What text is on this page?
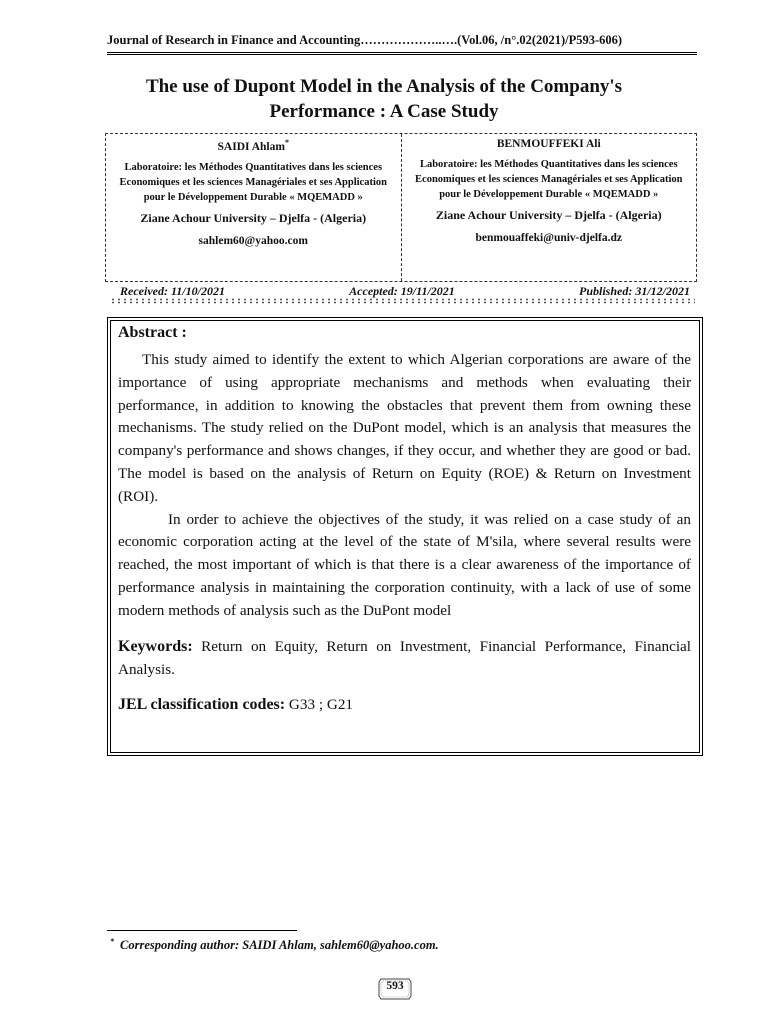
Journal of Research in Finance and Accounting………………..….(Vol.06, /n°.02(2021)/P593-606)
The use of Dupont Model in the Analysis of the Company's
Performance : A Case Study
SAIDI Ahlam*
Laboratoire: les Méthodes Quantitatives dans les sciences Economiques et les sciences Managériales et ses Application pour le Développement Durable « MQEMADD »
Ziane Achour University – Djelfa - (Algeria)
sahlem60@yahoo.com
BENMOUFFEKI Ali
Laboratoire: les Méthodes Quantitatives dans les sciences Economiques et les sciences Managériales et ses Application pour le Développement Durable « MQEMADD »
Ziane Achour University – Djelfa - (Algeria)
benmouaffeki@univ-djelfa.dz
Received: 11/10/2021	Accepted: 19/11/2021	Published: 31/12/2021
Abstract :

This study aimed to identify the extent to which Algerian corporations are aware of the importance of using appropriate mechanisms and methods when evaluating their performance, in addition to knowing the obstacles that prevent them from owning these mechanisms. The study relied on the DuPont model, which is an analysis that measures the company's performance and shows changes, if they occur, and whether they are good or bad. The model is based on the analysis of Return on Equity (ROE) & Return on Investment (ROI).

In order to achieve the objectives of the study, it was relied on a case study of an economic corporation acting at the level of the state of M'sila, where several results were reached, the most important of which is that there is a clear awareness of the importance of performance analysis in maintaining the corporation continuity, with a lack of use of some modern methods of analysis such as the DuPont model

Keywords: Return on Equity, Return on Investment, Financial Performance, Financial Analysis.

JEL classification codes: G33 ; G21

* Corresponding author: SAIDI Ahlam, sahlem60@yahoo.com.
593
